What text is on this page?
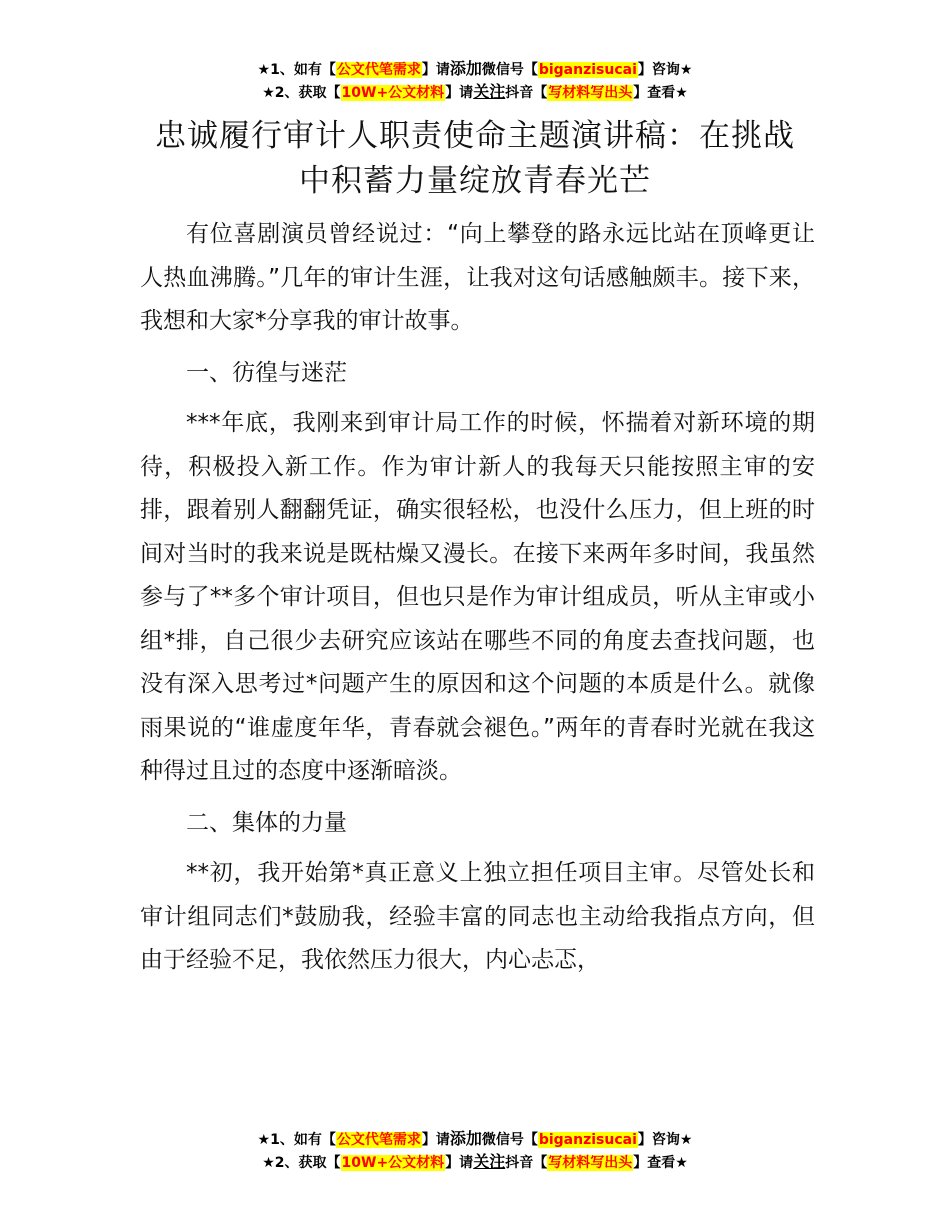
★1、如有【公文代笔需求】请添加微信号【biganzisucai】咨询★
★2、获取【10W+公文材料】请关注抖音【写材料写出头】查看★
忠诚履行审计人职责使命主题演讲稿：在挑战
中积蓄力量绽放青春光芒

有位喜剧演员曾经说过：“向上攀登的路永远比站在顶峰更让人热血沸腾。”几年的审计生涯，让我对这句话感触颇丰。接下来，我想和大家*分享我的审计故事。

一、彷徨与迷茫

***年底，我刚来到审计局工作的时候，怀揣着对新环境的期待，积极投入新工作。作为审计新人的我每天只能按照主审的安排，跟着别人翻翻凭证，确实很轻松，也没什么压力，但上班的时间对当时的我来说是既枯燥又漫长。在接下来两年多时间，我虽然参与了**多个审计项目，但也只是作为审计组成员，听从主审或小组*排，自己很少去研究应该站在哪些不同的角度去查找问题，也没有深入思考过*问题产生的原因和这个问题的本质是什么。就像雨果说的“谁虚度年华，青春就会褪色。”两年的青春时光就在我这种得过且过的态度中逐渐暗淡。

二、集体的力量

**初，我开始第*真正意义上独立担任项目主审。尽管处长和审计组同志们*鼓励我，经验丰富的同志也主动给我指点方向，但由于经验不足，我依然压力很大，内心忐忑，

★1、如有【公文代笔需求】请添加微信号【biganzisucai】咨询★
★2、获取【10W+公文材料】请关注抖音【写材料写出头】查看★
